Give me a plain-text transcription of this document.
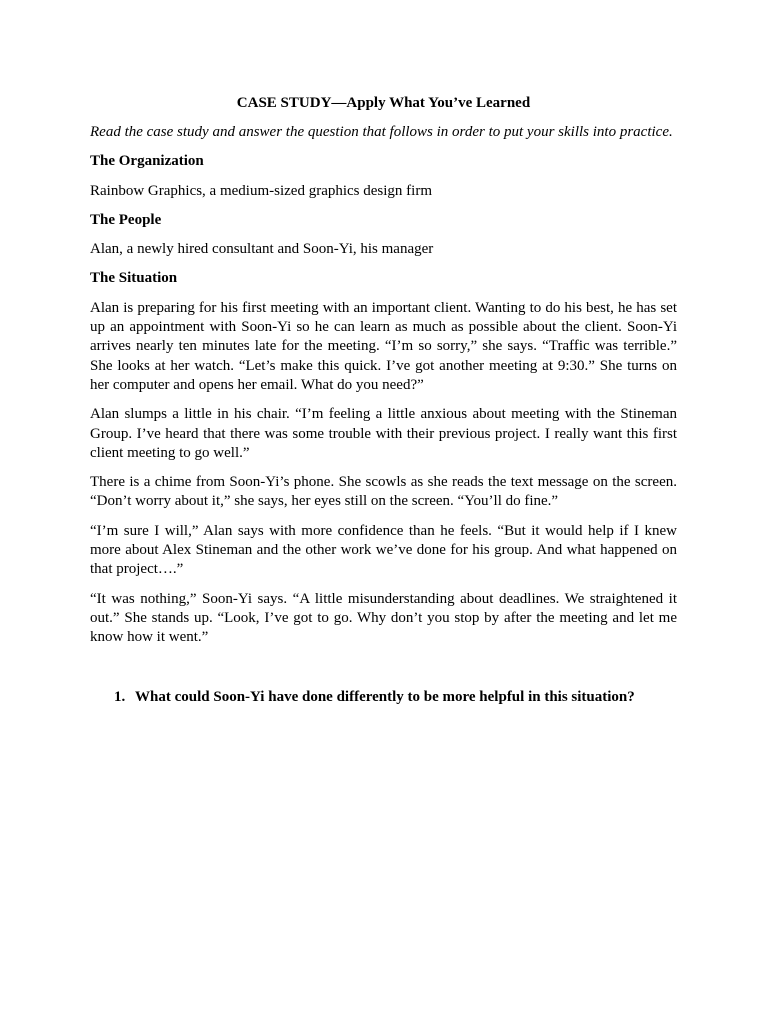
CASE STUDY—Apply What You’ve Learned
Read the case study and answer the question that follows in order to put your skills into practice.
The Organization
Rainbow Graphics, a medium-sized graphics design firm
The People
Alan, a newly hired consultant and Soon-Yi, his manager
The Situation
Alan is preparing for his first meeting with an important client. Wanting to do his best, he has set up an appointment with Soon-Yi so he can learn as much as possible about the client. Soon-Yi arrives nearly ten minutes late for the meeting. “I’m so sorry,” she says. “Traffic was terrible.” She looks at her watch. “Let’s make this quick. I’ve got another meeting at 9:30.” She turns on her computer and opens her email. What do you need?”
Alan slumps a little in his chair. “I’m feeling a little anxious about meeting with the Stineman Group. I’ve heard that there was some trouble with their previous project. I really want this first client meeting to go well.”
There is a chime from Soon-Yi’s phone. She scowls as she reads the text message on the screen. “Don’t worry about it,” she says, her eyes still on the screen. “You’ll do fine.”
“I’m sure I will,” Alan says with more confidence than he feels. “But it would help if I knew more about Alex Stineman and the other work we’ve done for his group. And what happened on that project….”
“It was nothing,” Soon-Yi says. “A little misunderstanding about deadlines. We straightened it out.” She stands up. “Look, I’ve got to go. Why don’t you stop by after the meeting and let me know how it went.”
1. What could Soon-Yi have done differently to be more helpful in this situation?
